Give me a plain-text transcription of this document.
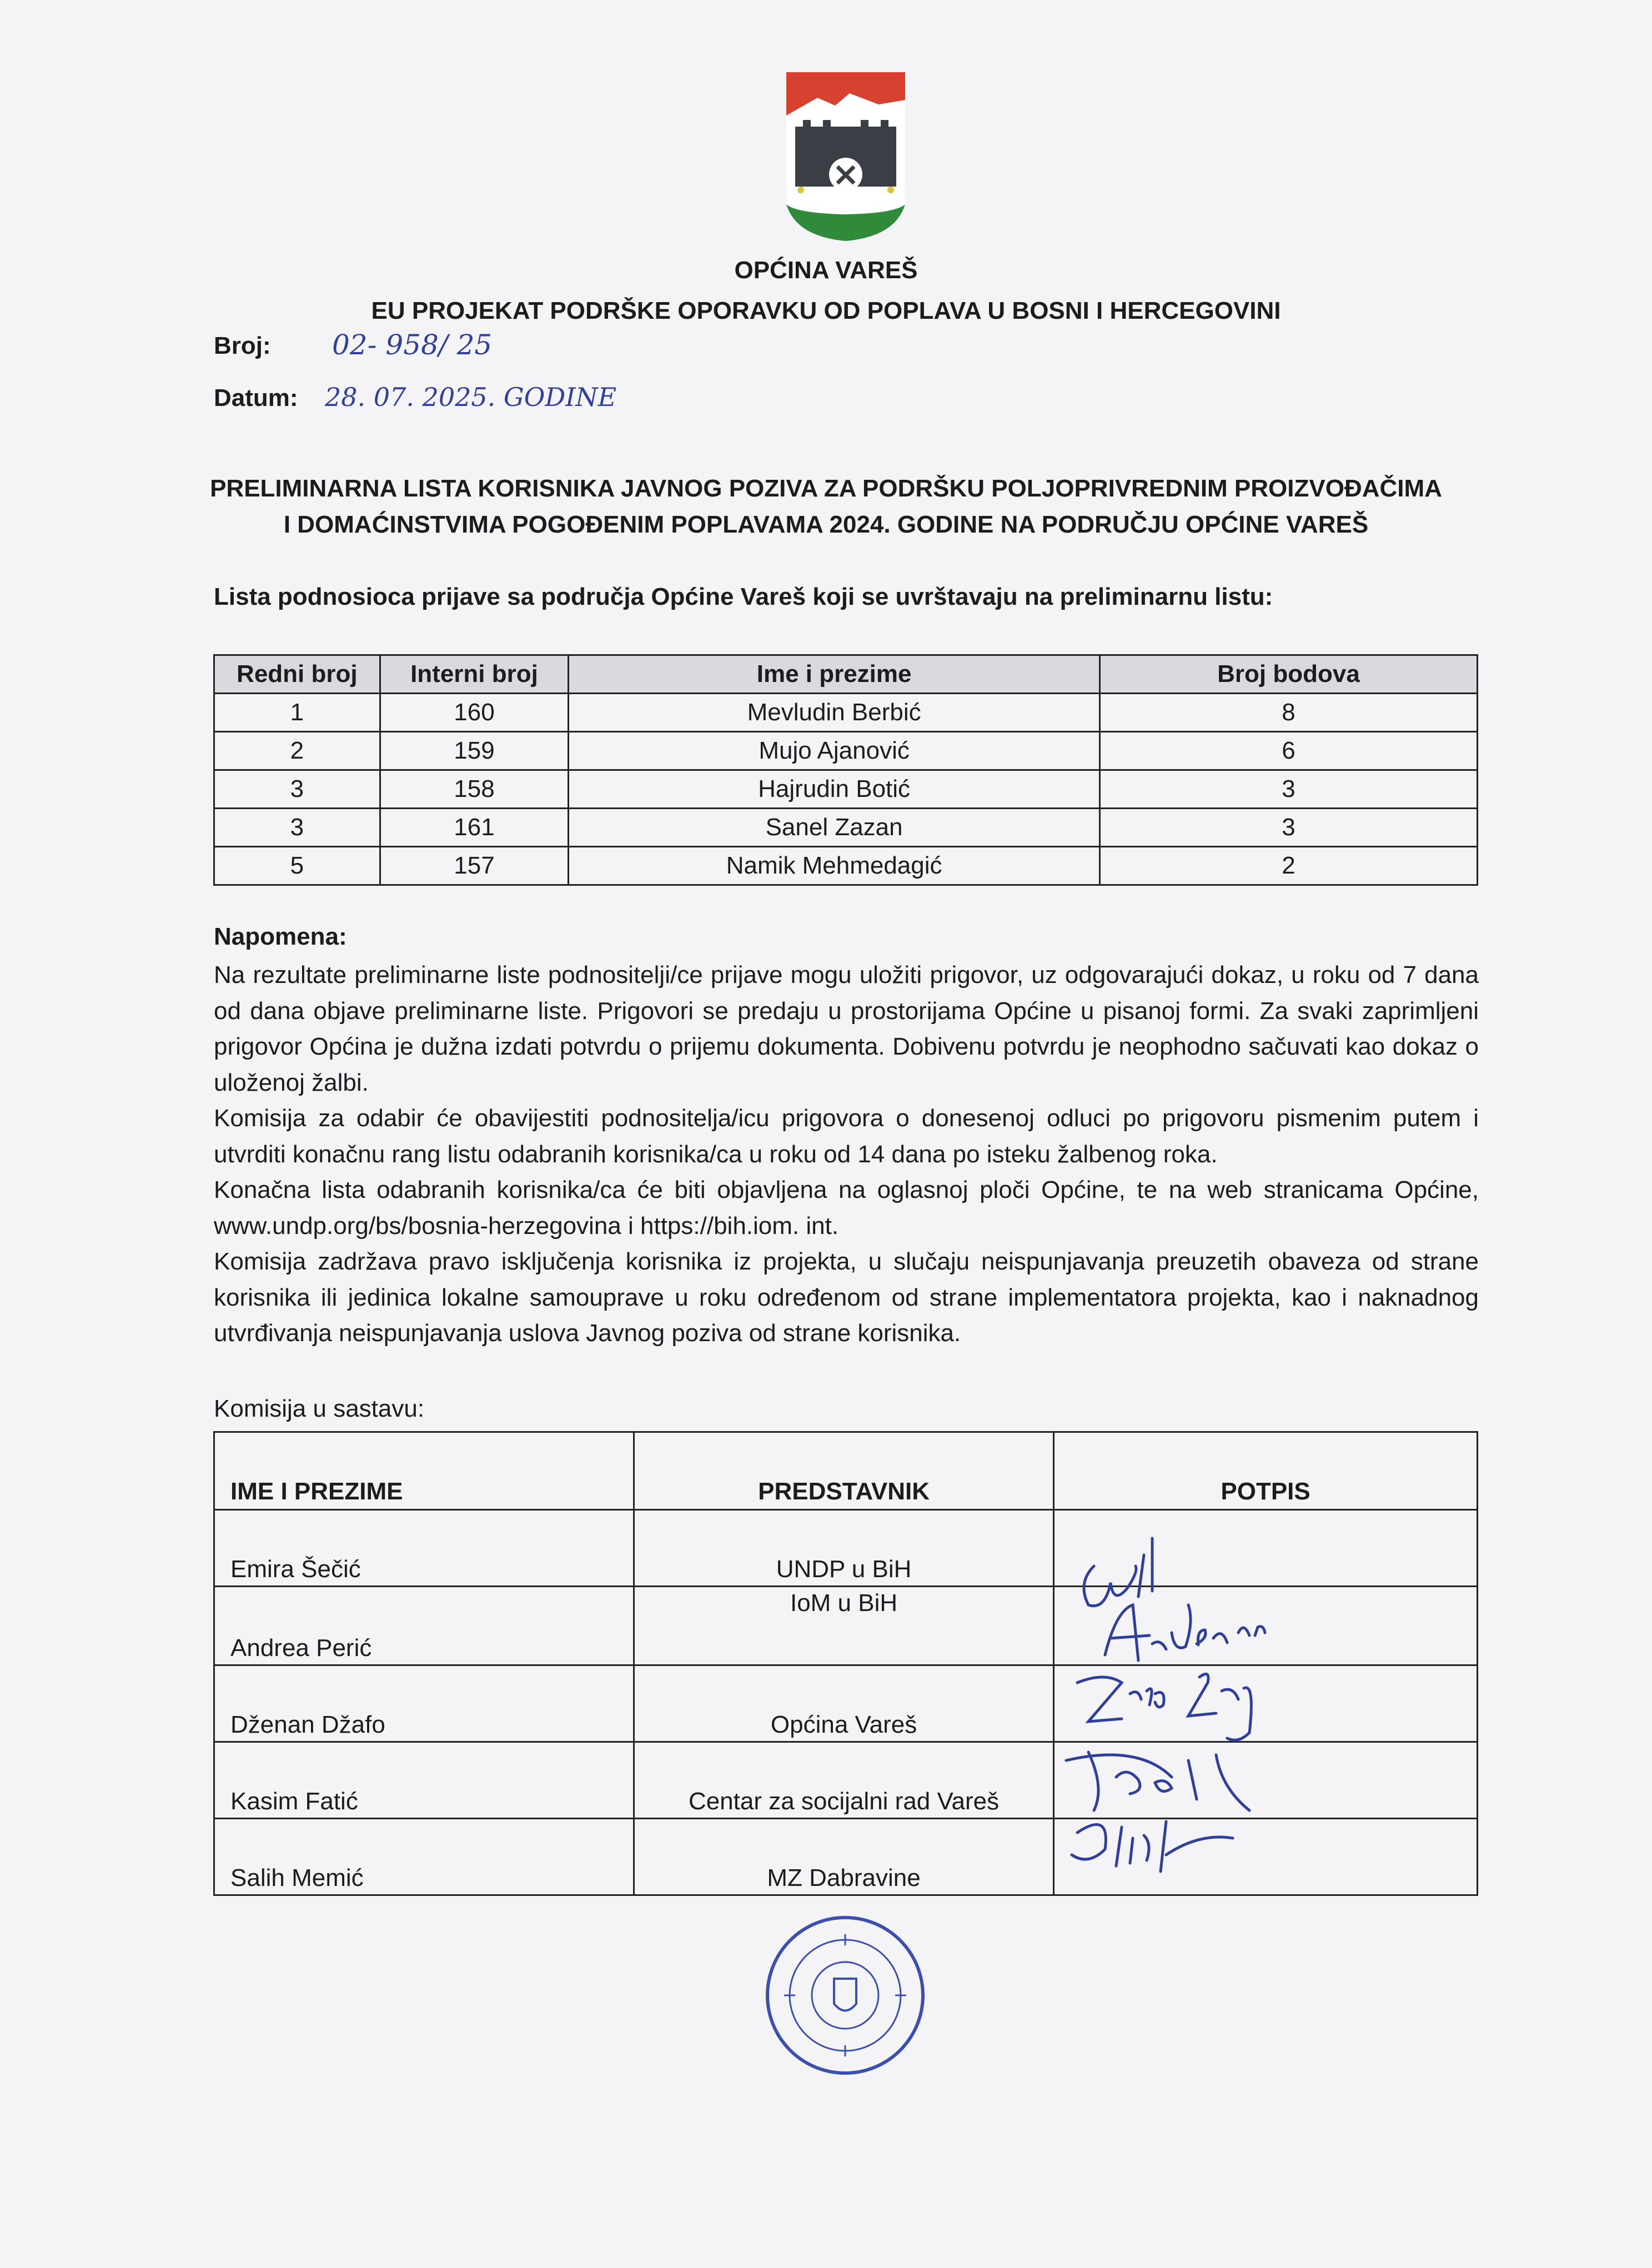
OPĆINA VAREŠ
EU PROJEKAT PODRŠKE OPORAVKU OD POPLAVA U BOSNI I HERCEGOVINI
Broj: 02- 958/ 25
Datum: 28. 07. 2025. GODINE
PRELIMINARNA LISTA KORISNIKA JAVNOG POZIVA ZA PODRŠKU POLJOPRIVREDNIM PROIZVOĐAČIMA
I DOMAĆINSTVIMA POGOĐENIM POPLAVAMA 2024. GODINE NA PODRUČJU OPĆINE VAREŠ
Lista podnosioca prijave sa područja Općine Vareš koji se uvrštavaju na preliminarnu listu:
Redni broj	Interni broj	Ime i prezime	Broj bodova
1	160	Mevludin Berbić	8
2	159	Mujo Ajanović	6
3	158	Hajrudin Botić	3
3	161	Sanel Zazan	3
5	157	Namik Mehmedagić	2
Napomena:

Na rezultate preliminarne liste podnositelji/ce prijave mogu uložiti prigovor, uz odgovarajući dokaz, u roku od 7 dana od dana objave preliminarne liste. Prigovori se predaju u prostorijama Općine u pisanoj formi. Za svaki zaprimljeni prigovor Općina je dužna izdati potvrdu o prijemu dokumenta. Dobivenu potvrdu je neophodno sačuvati kao dokaz o uloženoj žalbi.

Komisija za odabir će obavijestiti podnositelja/icu prigovora o donesenoj odluci po prigovoru pismenim putem i utvrditi konačnu rang listu odabranih korisnika/ca u roku od 14 dana po isteku žalbenog roka.

Konačna lista odabranih korisnika/ca će biti objavljena na oglasnoj ploči Općine, te na web stranicama Općine, www.undp.org/bs/bosnia-herzegovina i https://bih.iom. int.

Komisija zadržava pravo isključenja korisnika iz projekta, u slučaju neispunjavanja preuzetih obaveza od strane korisnika ili jedinica lokalne samouprave u roku određenom od strane implementatora projekta, kao i naknadnog utvrđivanja neispunjavanja uslova Javnog poziva od strane korisnika.

Komisija u sastavu:
IME I PREZIME	PREDSTAVNIK	POTPIS
Emira Šečić	UNDP u BiH	
Andrea Perić	IoM u BiH	
Dženan Džafo	Općina Vareš	
Kasim Fatić	Centar za socijalni rad Vareš	
Salih Memić	MZ Dabravine	
